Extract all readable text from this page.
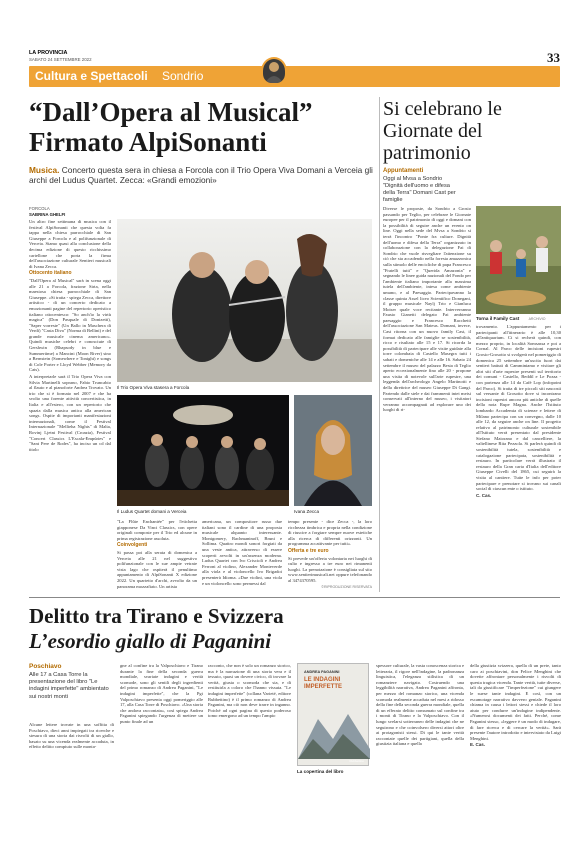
LA PROVINCIA
SABATO 24 SETTEMBRE 2022	33
Cultura e Spettacoli Sondrio
“Dall’Opera al Musical” Firmato AlpiSonanti
Musica. Concerto questa sera in chiesa a Forcola con il Trio Opera Viva Domani a Verceia gli archi del Ludus Quartet. Zecca: «Grandi emozioni»
FORCOLA
SABRINA GHELFI

Un altro fine settimana di musica con il festival AlpiSonanti che questa volta fa tappa nella chiesa parrocchiale di San Giuseppe a Forcola e al polifunzionale di Verceia. Siamo quasi alla conclusione della decima edizione di questo ricchissimo cartellone che porta la firma dell'associazione culturale Sentieri musicali di Ivana Zecca.

Ottocento italiano

"Dall'Opera al Musical" sarà in scena oggi alle 21 a Forcola, frazione Sirta, nella maestosa chiesa parrocchiale di San Giuseppe. «Si tratta - spiega Zecca, direttore artistico - di un concerto dedicato a emozionanti pagine del repertorio operistico italiano ottocentesco: "So anch'io la virtù magica" (Don Pasquale di Donizetti), "Saper vorreste" (Un Ballo in Maschera di Verdi) "Casta Diva" (Norma di Bellini) e del grande musicale cinema americano». Quindi musiche celebri e conosciute di Gershwin (Rhapsody in blue e Summertime) a Mancini (Moon River) sino a Bernstein (Somewhere e Tonight) e songs di Cole Porter e Lloyd Webber (Memory da Cats).

A interpretarle sarà il Trio Opera Viva con Silvia Martinelli soprano, Fabio Truncabio al flauto e al pianoforte Andrea Trovato. Un trio che si è formato nel 2007 e che ha svolto una forente attività concertistica, in Italia e all'estero, con un repertorio che spazia dalla musica antica alla american songs. Ospite di importanti manifestazioni internazionali, come il Festival Internazionale "Mellieha Nights" di Malta, Rovinj Ljetni Festival (Croazia), Festival "Concert Classics L'Escala-Empúries" e "Sant Pere de Rodes", ha inciso un cd dal titolo

Il Trio Opera Viva stasera a Forcola
Il Ludus Quartet domani a Verceia	Ivana Zecca

"La Flûte Enchantée" per l'etichetta giapponese Da Vinci Classics, con opere originali composte per il Trio ed alcune in prima registrazione assoluta.

Coinvolgenti

Si passa poi alla serata di domenica a Verceia alle 21 nel suggestivo polifunzionale con le sue ampie vetrate vista lago che ospiterà il penultimo appuntamento di AlpiSonanti X edizione 2022. Un quartetto d'archi, avvolto da un panorama mozzafiato. Un artista

americana, un compositore russo due italiani sono il cardine di una proposta musicale alquanto interessante. Montgomery, Rachmaninoff, Bruni e Sollima. Quattro mondi sonori forgiati da una veste antica, attraverso di essere scoperti avvolti in un'assenza moderna. Ludus Quartet con Ivo Criscioli e Andrea Ferroni al violino, Alexander Monteverde alla viola e al violoncello Ivo Brigadoi presenterà Idioma. «Due violini, una viola e un violoncello sono permessi dal

tempo presente - dice Zecca -, la loro ricchezza timbrica e propria nella condizione di riuscire a forgiare sempre nuove estetiche alla ricerca di differenti orizzonti. Un programma accattivante per tutti».

Offerta e tre euro

Si prevede un'offerta volontaria nei luoghi di culto e ingresso a tre euro nei rimanenti luoghi. La prenotazione è consigliata sul sito www.sentierimusicali.net oppure telefonando al 3474370595.

©RIPRODUZIONE RISERVATA
Si celebrano le Giornate del patrimonio
Appuntamenti
Oggi al Mvsa a Sondrio "Dignità dell'uomo e difesa della Terra" Domani Cast per famiglie

Diverse le proposte, da Sondrio a Grosio passando per Teglio, per celebrare le Giornate europee per il patrimonio di oggi e domani con la possibilità di seguire anche un evento on line. Oggi nella sede del Mvsa a Sondrio si terrà l'incontro "Ponte fra culture. Dignità dell'uomo e difesa della Terra" organizzato in collaborazione con la delegazione Fai di Sondrio che vuole risvegliare l'attenzione su ciò che sta accadendo nella foresta amazzonica sulla stimolo delle encicliche di papa Francesco "Fratelli tutti" e "Querida Amazonia" e segnando le linee guida nazionali del Fondo per l'ambiente italiano importante alla massima tutela dell'ambiente, intesa come ambiente umano, e al Paesaggio. Partecipavanno la classe quinta Assel liceo Scientifico Donegani, il gruppo musicale Naylj Trio e Gianluca Moiser quale voce recitante. Interverranno Fausto Gianetti delegato Fai ambiente paesaggio e Francesco Racchetti dell'associazione San Mateus. Domani, invece, Cast ritorna con un nuovo family Cast, il format dedicato alle famiglie se sostenibilità, ricco e risultato alle 15 e 17. Si ricorda la possibilità di partecipare alle visite guidate alla torre colombaia di Castello Masegra tutti i sabati e domeniche alle 14 e alle 16. Sabato 24 settembre il museo del palazzo Besta di Teglio aperto eccezionalmente fino alle 20 - propone una visita di notevole sull'arte rupestre, una leggenda dell'archeologo Angelo Martinotti e della direttrice del museo Giuseppe Di Gangi. Partendo dalle stele e dai frammenti intei meisi conservati all'interno del museo, i visitatori verranno accompagnati ad esplorare uno dei luoghi di ri-

Torna il Family Cast	ARCHIVIO

trovamento. L'appuntamento per i partecipanti all'itinerario è alle 10,30 all'antiquarium. Ci si recherà quindi, con mezzo proprio, in località Somsassa e poi a Cornal. Al Parco delle incisioni rupestri Grosio-Grosotto si svolgerà nel pomeriggio di domenica 25 settembre un'uscita fuori dai sentieri battuti di Camminiamo e visitare gli altri siti d'arte rupestre presenti sul territorio dei comuni - Castello, Beddil e Le Pozza - con partenza alle 14 da Cafè Lop (infopoint del Parco). Si tratta di tre piccoli siti nascosti sul versante di Grosotto dove si incontrano incisioni rupestri ancora più antiche di quelle della nota Rupe Magna. Anche l'Istituto lombardo Accademia di scienze e lettere di Milano partecipa con un convegno, dalle 10 alle 12, da seguire anche on line. Il progetto relativo al patrimonio culturale sostenibile all'Istituto verrà presentato dal presidente Stefano Maiorano e dal cancelliere, la valtellinese Rita Pezzola. Si parlerà quindi di sostenibilità tutela, sostenibilità e catalogazione partecipata, sostenibilità e restauro. In particolare verrà illustrato il restauro della Gran carta d'Italia dell'editore Giuseppe Civelli del 1865, cui seguirà la visita al cantiere. Tutte le info per poter partecipare e prenotare si trovano sui canali social di ciascun ente o istituto.

C. Cas.
Delitto tra Tirano e Svizzera
L’esordio giallo di Paganini
Poschiavo
Alle 17 a Casa Torre la presentazione del libro "Le indagini imperfette" ambientato sui nostri monti

Alcune lettere trovate in una soffitta di Poschiavo, dieci anni impiegati tra ricerche e stesura di una storia dai risvolti di un giallo, basato su una vicenda realmente accaduta, in effetto delitto compiuto sulle monta-

gne al confine tra la Valposchiavo e Tirano durante la fine della seconda guerra mondiale, svariate indagini e verità scomode, sono gli sentili degli ingredienti del primo romanzo di Andrea Paganini, "Le indagini imperfette", che la Pgi Valposchiavo presenta oggi pomeriggio alle 17, alla Casa Torre di Poschiavo. «Una storia che andava raccontata», così spiega Andrea Paganini spiegando l'urgenza di mettere un punto finale ad un

racconto, che non è solo un romanzo storico, ma è la narrazione di una storia vera e il tessuto, quasi un dovere civico, di trovare la verità, giusta o scomoda che sia, e di restituirla a coloro che l'hanno vissuta. "Le indagini imperfette" (collana Varieté, editore Rubbettino) è il primo romanzo di Andrea Paganini, ma ciò non deve trarre in inganno. Poiché ad ogni pagina di questo poderoso tomo emergono ad un tempo l'ampio

ANDREA PAGANINI
LE INDAGINI IMPERFETTE
Rubbettino
La copertina del libro

spessore culturale, la vasta conoscenza storica e letteraria, il rigore nell'indagine, la padronanza linguistica, l'eleganza stilistica di un romanziere navigato. Costruendo una leggibilità narrativa, Andrea Paganini affronta, per mezzo del romanzo storico, una vicenda scomoda realmente accaduta nel mesi a ridosso della fine della seconda guerra mondiale, quella di un efferato delitto consumato sul confine tra i monti di Tirano e la Valposchiavo. Con il lungo svelarsi sotterraneo delle indagini che ne seguirono e che coinvolsero diversi attori oltre ai protagonisti stessi. Di qui le tante verità raccontate quelle dei partigiani, quella della giustizia italiana e quella

della giustizia svizzera, quella di un prete, tanto caro ai poschiavini, don Felice Menghini che dovette affrontare personalmente i risvolti di questa tragica vicenda. Tante verità, tutte diverse, tali da giustificare "l'imperfezione" cui giungere le suese tante indagini. E così, con un escamotage narrativo davvero geniale. Paganini chiama in causa i lettori stessi e chiede il loro aiuto per condurre un'indagine indipendente. «Numerosi documenti dei fatti. Perché, come Paganini stesso, «leggere è un modo di indagare, di fare ricerca e di cercare la verità». Sarà presente l'autore introdotto e intervistato da Luigi Menghini.

E. Cas.
